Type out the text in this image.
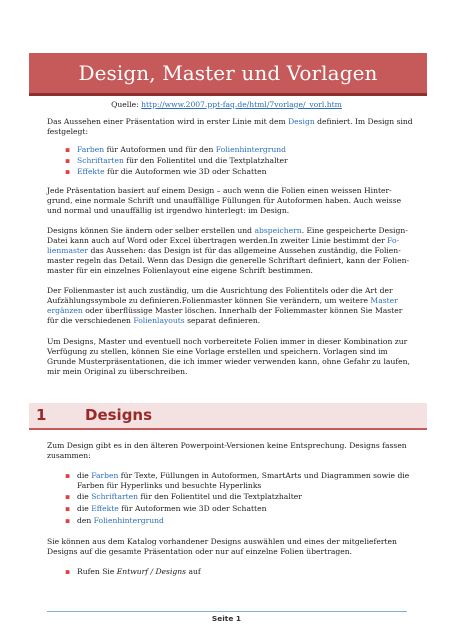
Design, Master und Vorlagen
Quelle: http://www.2007.ppt-faq.de/html/7vorlage/_vorl.htm
Das Aussehen einer Präsentation wird in erster Linie mit dem Design definiert. Im Design sind
festgelegt:
▪ Farben für Autoformen und für den Folienhintergrund
▪ Schriftarten für den Folientitel und die Textplatzhalter
▪ Effekte für die Autoformen wie 3D oder Schatten
Jede Präsentation basiert auf einem Design – auch wenn die Folien einen weissen Hinter-
grund, eine normale Schrift und unauffällige Füllungen für Autoformen haben. Auch weisse
und normal und unauffällig ist irgendwo hinterlegt: im Design.
Designs können Sie ändern oder selber erstellen und abspeichern. Eine gespeicherte Design-
Datei kann auch auf Word oder Excel übertragen werden.In zweiter Linie bestimmt der Fo-
lienmaster das Aussehen: das Design ist für das allgemeine Aussehen zuständig, die Folien-
master regeln das Detail. Wenn das Design die generelle Schriftart definiert, kann der Folien-
master für ein einzelnes Folienlayout eine eigene Schrift bestimmen.
Der Folienmaster ist auch zuständig, um die Ausrichtung des Folientitels oder die Art der
Aufzählungssymbole zu definieren.Folienmaster können Sie verändern, um weitere Master
ergänzen oder überflüssige Master löschen. Innerhalb der Foliemmaster können Sie Master
für die verschiedenen Folienlayouts separat definieren.
Um Designs, Master und eventuell noch vorbereitete Folien immer in dieser Kombination zur
Verfügung zu stellen, können Sie eine Vorlage erstellen und speichern. Vorlagen sind im
Grunde Musterpräsentationen, die ich immer wieder verwenden kann, ohne Gefahr zu laufen,
mir mein Original zu überschreiben.
1	Designs
Zum Design gibt es in den älteren Powerpoint-Versionen keine Entsprechung. Designs fassen
zusammen:
▪ die Farben für Texte, Füllungen in Autoformen, SmartArts und Diagrammen sowie die
Farben für Hyperlinks und besuchte Hyperlinks
▪ die Schriftarten für den Folientitel und die Textplatzhalter
▪ die Effekte für Autoformen wie 3D oder Schatten
▪ den Folienhintergrund
Sie können aus dem Katalog vorhandener Designs auswählen und eines der mitgelieferten
Designs auf die gesamte Präsentation oder nur auf einzelne Folien übertragen.
▪ Rufen Sie Entwurf / Designs auf
Seite 1
